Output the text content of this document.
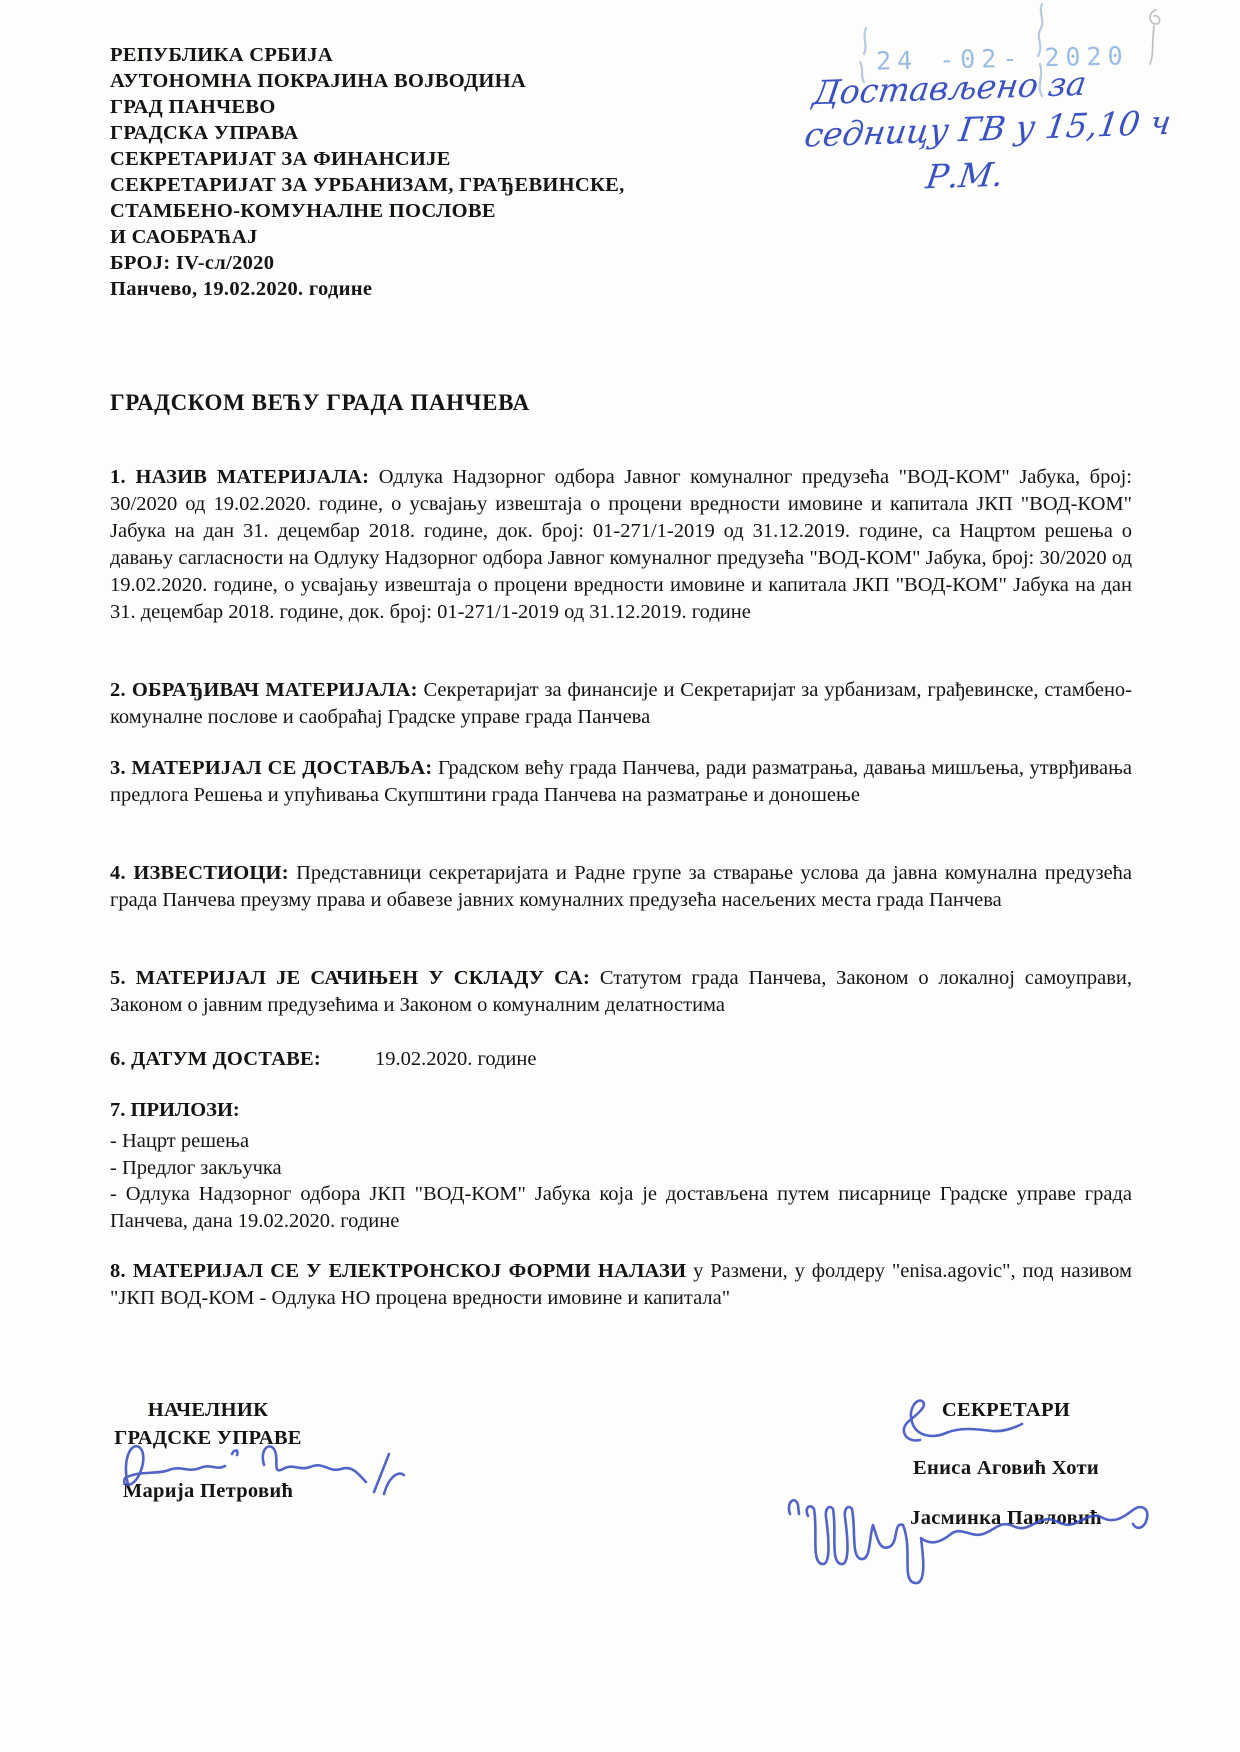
РЕПУБЛИКА СРБИЈА
АУТОНОМНА ПОКРАЈИНА ВОЈВОДИНА
ГРАД ПАНЧЕВО
ГРАДСКА УПРАВА
СЕКРЕТАРИЈАТ ЗА ФИНАНСИЈЕ
СЕКРЕТАРИЈАТ ЗА УРБАНИЗАМ, ГРАЂЕВИНСКЕ,
СТАМБЕНО-КОМУНАЛНЕ ПОСЛОВЕ
И САОБРАЋАЈ
БРОЈ: IV-сл/2020
Панчево, 19.02.2020. године
24 -02- 2020
Достављено за
седницу ГВ у 15,10 ч
Р.М.
ГРАДСКОМ ВЕЋУ ГРАДА ПАНЧЕВА

1. НАЗИВ МАТЕРИЈАЛА: Одлука Надзорног одбора Јавног комуналног предузећа "ВОД-КОМ" Јабука, број: 30/2020 од 19.02.2020. године, о усвајању извештаја о процени вредности имовине и капитала ЈКП "ВОД-КОМ" Јабука на дан 31. децембар 2018. године, док. број: 01-271/1-2019 од 31.12.2019. године, са Нацртом решења о давању сагласности на Одлуку Надзорног одбора Јавног комуналног предузећа "ВОД-КОМ" Јабука, број: 30/2020 од 19.02.2020. године, о усвајању извештаја о процени вредности имовине и капитала ЈКП "ВОД-КОМ" Јабука на дан 31. децембар 2018. године, док. број: 01-271/1-2019 од 31.12.2019. године

2. ОБРАЂИВАЧ МАТЕРИЈАЛА: Секретаријат за финансије и Секретаријат за урбанизам, грађевинске, стамбено-комуналне послове и саобраћај Градске управе града Панчева

3. МАТЕРИЈАЛ СЕ ДОСТАВЉА: Градском већу града Панчева, ради разматрања, давања мишљења, утврђивања предлога Решења и упућивања Скупштини града Панчева на разматрање и доношење

4. ИЗВЕСТИОЦИ: Представници секретаријата и Радне групе за стварање услова да јавна комунална предузећа града Панчева преузму права и обавезе јавних комуналних предузећа насељених места града Панчева

5. МАТЕРИЈАЛ ЈЕ САЧИЊЕН У СКЛАДУ СА: Статутом града Панчева, Законом о локалној самоуправи, Законом о јавним предузећима и Законом о комуналним делатностима

6. ДАТУМ ДОСТАВЕ:	19.02.2020. године

7. ПРИЛОЗИ:

- Нацрт решења

- Предлог закључка

- Одлука Надзорног одбора ЈКП "ВОД-КОМ" Јабука која је достављена путем писарнице Градске управе града Панчева, дана 19.02.2020. године

8. МАТЕРИЈАЛ СЕ У ЕЛЕКТРОНСКОЈ ФОРМИ НАЛАЗИ у Размени, у фолдеру "enisa.agovic", под називом "ЈКП ВОД-КОМ - Одлука НО процена вредности имовине и капитала"

НАЧЕЛНИК
ГРАДСКЕ УПРАВЕ
Марија Петровић
СЕКРЕТАРИ
Ениса Аговић Хоти
Јасминка Павловић
